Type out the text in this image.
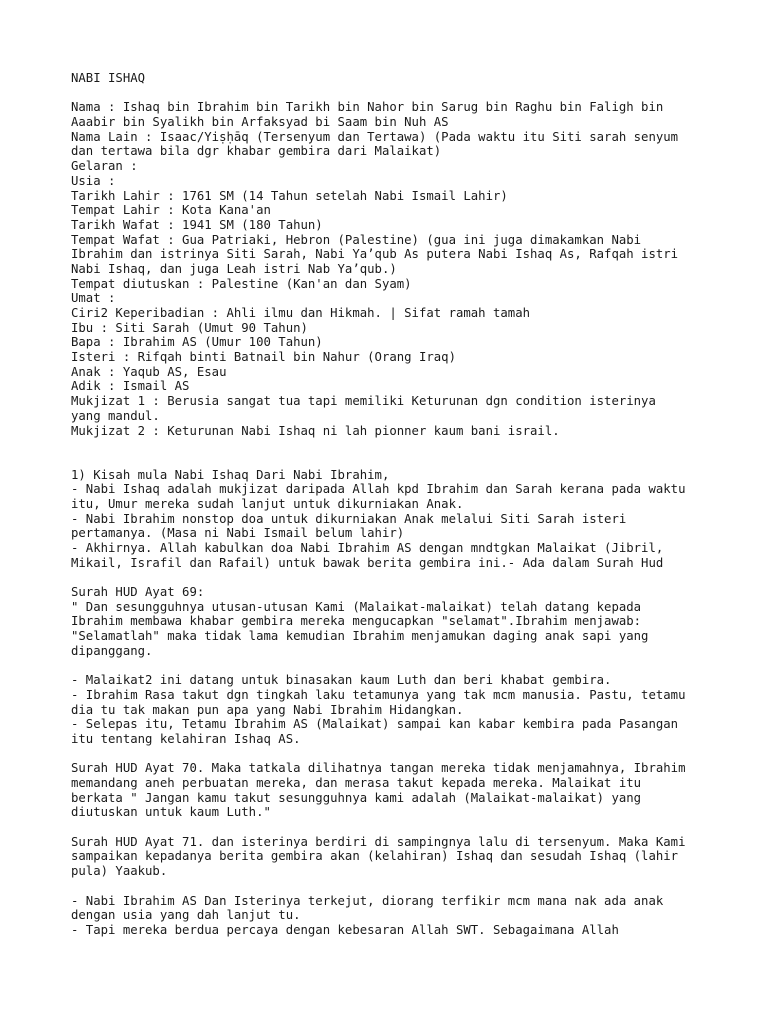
NABI ISHAQ
Nama : Ishaq bin Ibrahim bin Tarikh bin Nahor bin Sarug bin Raghu bin Faligh bin
Aaabir bin Syalikh bin Arfaksyad bi Saam bin Nuh AS
Nama Lain : Isaac/Yiṣḥāq (Tersenyum dan Tertawa) (Pada waktu itu Siti sarah senyum
dan tertawa bila dgr khabar gembira dari Malaikat)
Gelaran :
Usia :
Tarikh Lahir : 1761 SM (14 Tahun setelah Nabi Ismail Lahir)
Tempat Lahir : Kota Kana'an
Tarikh Wafat : 1941 SM (180 Tahun)
Tempat Wafat : Gua Patriaki, Hebron (Palestine) (gua ini juga dimakamkan Nabi
Ibrahim dan istrinya Siti Sarah, Nabi Ya’qub As putera Nabi Ishaq As, Rafqah istri
Nabi Ishaq, dan juga Leah istri Nab Ya’qub.)
Tempat diutuskan : Palestine (Kan'an dan Syam)
Umat :
Ciri2 Keperibadian : Ahli ilmu dan Hikmah. | Sifat ramah tamah
Ibu : Siti Sarah (Umut 90 Tahun)
Bapa : Ibrahim AS (Umur 100 Tahun)
Isteri : Rifqah binti Batnail bin Nahur (Orang Iraq)
Anak : Yaqub AS, Esau
Adik : Ismail AS
Mukjizat 1 : Berusia sangat tua tapi memiliki Keturunan dgn condition isterinya
yang mandul.
Mukjizat 2 : Keturunan Nabi Ishaq ni lah pionner kaum bani israil.
1) Kisah mula Nabi Ishaq Dari Nabi Ibrahim,
- Nabi Ishaq adalah mukjizat daripada Allah kpd Ibrahim dan Sarah kerana pada waktu
itu, Umur mereka sudah lanjut untuk dikurniakan Anak.
- Nabi Ibrahim nonstop doa untuk dikurniakan Anak melalui Siti Sarah isteri
pertamanya. (Masa ni Nabi Ismail belum lahir)
- Akhirnya. Allah kabulkan doa Nabi Ibrahim AS dengan mndtgkan Malaikat (Jibril,
Mikail, Israfil dan Rafail) untuk bawak berita gembira ini.- Ada dalam Surah Hud
Surah HUD Ayat 69:
" Dan sesungguhnya utusan-utusan Kami (Malaikat-malaikat) telah datang kepada
Ibrahim membawa khabar gembira mereka mengucapkan "selamat".Ibrahim menjawab:
"Selamatlah" maka tidak lama kemudian Ibrahim menjamukan daging anak sapi yang
dipanggang.
- Malaikat2 ini datang untuk binasakan kaum Luth dan beri khabat gembira.
- Ibrahim Rasa takut dgn tingkah laku tetamunya yang tak mcm manusia. Pastu, tetamu
dia tu tak makan pun apa yang Nabi Ibrahim Hidangkan.
- Selepas itu, Tetamu Ibrahim AS (Malaikat) sampai kan kabar kembira pada Pasangan
itu tentang kelahiran Ishaq AS.
Surah HUD Ayat 70. Maka tatkala dilihatnya tangan mereka tidak menjamahnya, Ibrahim
memandang aneh perbuatan mereka, dan merasa takut kepada mereka. Malaikat itu
berkata " Jangan kamu takut sesungguhnya kami adalah (Malaikat-malaikat) yang
diutuskan untuk kaum Luth."
Surah HUD Ayat 71. dan isterinya berdiri di sampingnya lalu di tersenyum. Maka Kami
sampaikan kepadanya berita gembira akan (kelahiran) Ishaq dan sesudah Ishaq (lahir
pula) Yaakub.
- Nabi Ibrahim AS Dan Isterinya terkejut, diorang terfikir mcm mana nak ada anak
dengan usia yang dah lanjut tu.
- Tapi mereka berdua percaya dengan kebesaran Allah SWT. Sebagaimana Allah
